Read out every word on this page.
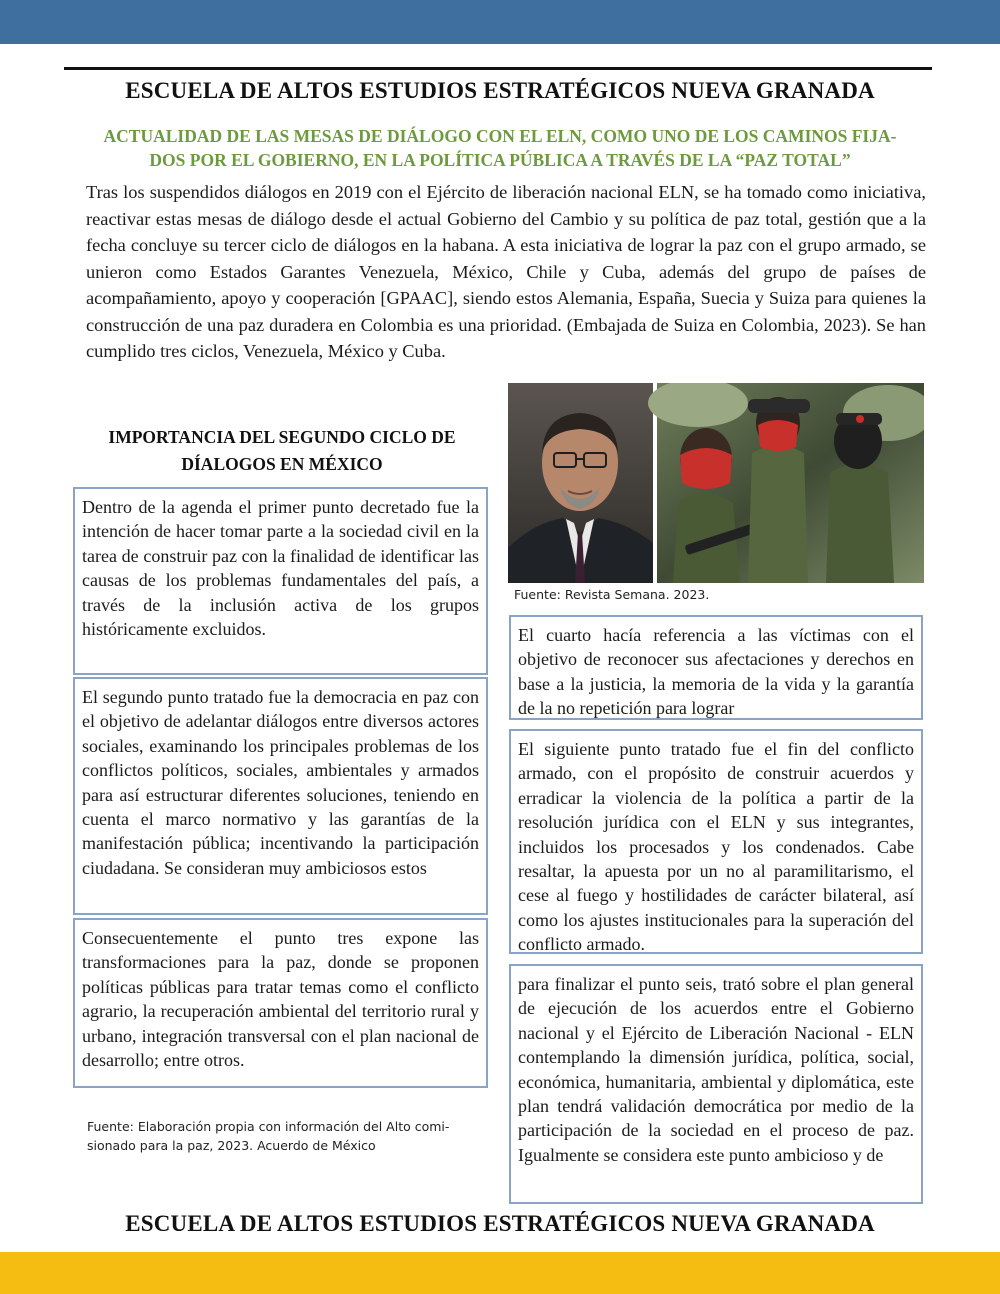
ESCUELA DE ALTOS ESTUDIOS ESTRATÉGICOS NUEVA GRANADA
ACTUALIDAD DE LAS MESAS DE DIÁLOGO CON EL ELN, COMO UNO DE LOS CAMINOS FIJA-
DOS POR EL GOBIERNO, EN LA POLÍTICA PÚBLICA A TRAVÉS DE LA “PAZ TOTAL”

Tras los suspendidos diálogos en 2019 con el Ejército de liberación nacional ELN, se ha tomado como iniciativa, reactivar estas mesas de diálogo desde el actual Gobierno del Cambio y su política de paz total, gestión que a la fecha concluye su tercer ciclo de diálogos en la habana. A esta iniciativa de lograr la paz con el grupo armado, se unieron como Estados Garantes Venezuela, México, Chile y Cuba, además del grupo de países de acompañamiento, apoyo y cooperación [GPAAC], siendo estos Alemania, España, Suecia y Suiza para quienes la construcción de una paz duradera en Colombia es una prioridad. (Embajada de Suiza en Colombia, 2023). Se han cumplido tres ciclos, Venezuela, México y Cuba.

IMPORTANCIA DEL SEGUNDO CICLO DE
DÍALOGOS EN MÉXICO

Dentro de la agenda el primer punto decretado fue la intención de hacer tomar parte a la sociedad civil en la tarea de construir paz con la finalidad de identificar las causas de los problemas fundamentales del país, a través de la inclusión activa de los grupos históricamente excluidos.

El segundo punto tratado fue la democracia en paz con el objetivo de adelantar diálogos entre diversos actores sociales, examinando los principales problemas de los conflictos políticos, sociales, ambientales y armados para así estructurar diferentes soluciones, teniendo en cuenta el marco normativo y las garantías de la manifestación pública; incentivando la participación ciudadana. Se consideran muy ambiciosos estos

Consecuentemente el punto tres expone las transformaciones para la paz, donde se proponen políticas públicas para tratar temas como el conflicto agrario, la recuperación ambiental del territorio rural y urbano, integración transversal con el plan nacional de desarrollo; entre otros.

Fuente: Revista Semana. 2023.

El cuarto hacía referencia a las víctimas con el objetivo de reconocer sus afectaciones y derechos en base a la justicia, la memoria de la vida y la garantía de la no repetición para lograr

El siguiente punto tratado fue el fin del conflicto armado, con el propósito de construir acuerdos y erradicar la violencia de la política a partir de la resolución jurídica con el ELN y sus integrantes, incluidos los procesados y los condenados. Cabe resaltar, la apuesta por un no al paramilitarismo, el cese al fuego y hostilidades de carácter bilateral, así como los ajustes institucionales para la superación del conflicto armado.

para finalizar el punto seis, trató sobre el plan general de ejecución de los acuerdos entre el Gobierno nacional y el Ejército de Liberación Nacional - ELN contemplando la dimensión jurídica, política, social, económica, humanitaria, ambiental y diplomática, este plan tendrá validación democrática por medio de la participación de la sociedad en el proceso de paz. Igualmente se considera este punto ambicioso y de

Fuente: Elaboración propia con información del Alto comi-
sionado para la paz, 2023. Acuerdo de México
ESCUELA DE ALTOS ESTUDIOS ESTRATÉGICOS NUEVA GRANADA
